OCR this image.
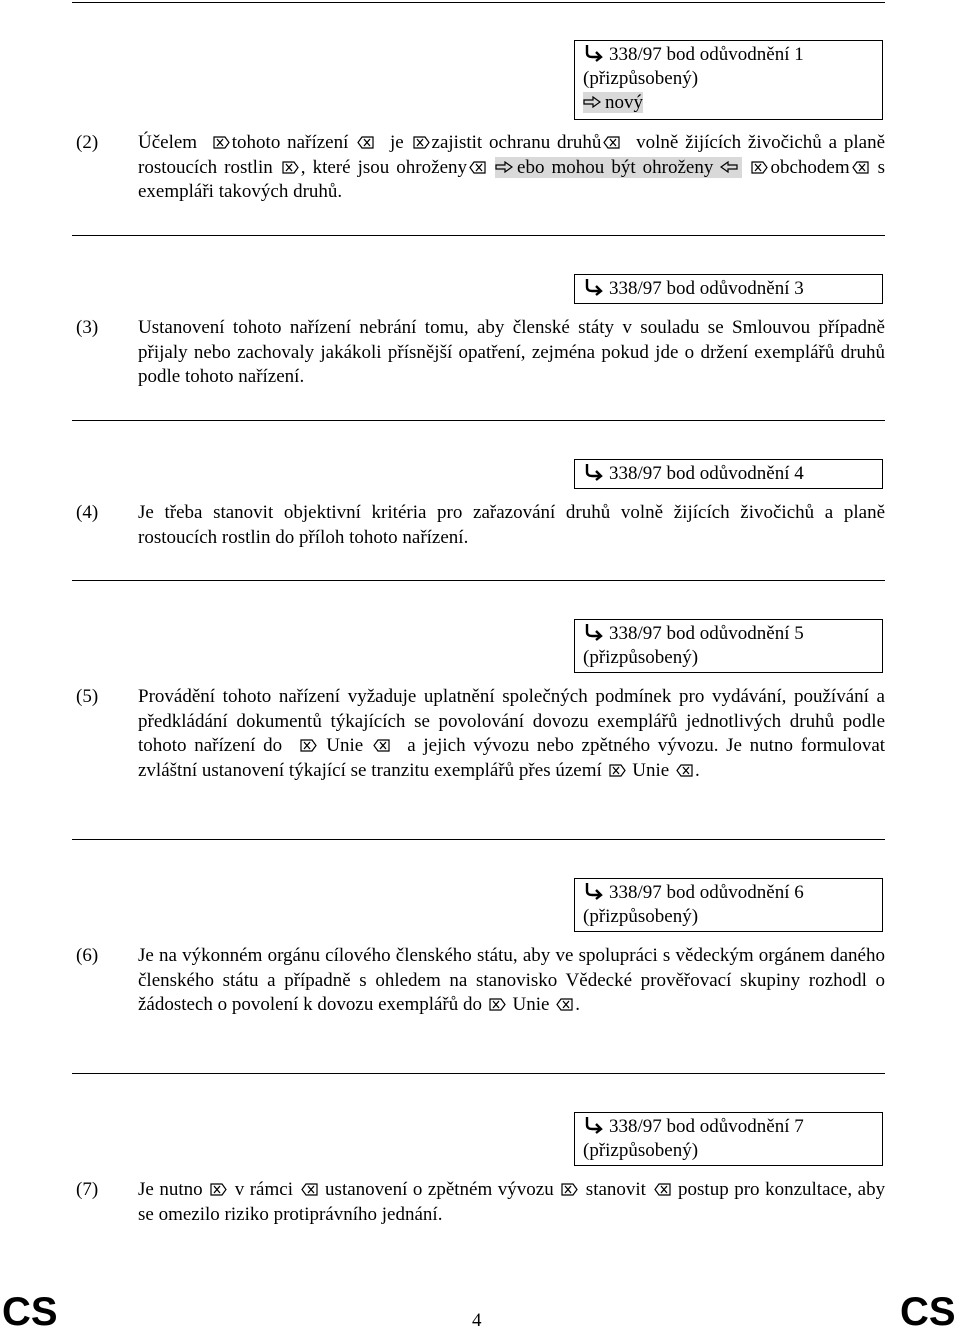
338/97 bod odůvodnění 1
(přizpůsobený)
nový
(2) Účelem tohoto nařízení je zajistit ochranu druhů volně žijících živočichů a planě rostoucích rostlin , které jsou ohroženy	ebo mohou být ohroženy	obchodem s exempláři takových druhů.
338/97 bod odůvodnění 3
(3) Ustanovení tohoto nařízení nebrání tomu, aby členské státy v souladu se Smlouvou případně přijaly nebo zachovaly jakákoli přísnější opatření, zejména pokud jde o držení exemplářů druhů podle tohoto nařízení.
338/97 bod odůvodnění 4
(4) Je třeba stanovit objektivní kritéria pro zařazování druhů volně žijících živočichů a planě rostoucích rostlin do příloh tohoto nařízení.
338/97 bod odůvodnění 5
(přizpůsobený)
(5) Provádění tohoto nařízení vyžaduje uplatnění společných podmínek pro vydávání, používání a předkládání dokumentů týkajících se povolování dovozu exemplářů jednotlivých druhů podle tohoto nařízení do Unie a jejich vývozu nebo zpětného vývozu. Je nutno formulovat zvláštní ustanovení týkající se tranzitu exemplářů přes území Unie .
338/97 bod odůvodnění 6
(přizpůsobený)
(6) Je na výkonném orgánu cílového členského státu, aby ve spolupráci s vědeckým orgánem daného členského státu a případně s ohledem na stanovisko Vědecké prověřovací skupiny rozhodl o žádostech o povolení k dovozu exemplářů do Unie .
338/97 bod odůvodnění 7
(přizpůsobený)
(7) Je nutno v rámci ustanovení o zpětném vývozu stanovit postup pro konzultace, aby se omezilo riziko protiprávního jednání.
CS	4	CS
